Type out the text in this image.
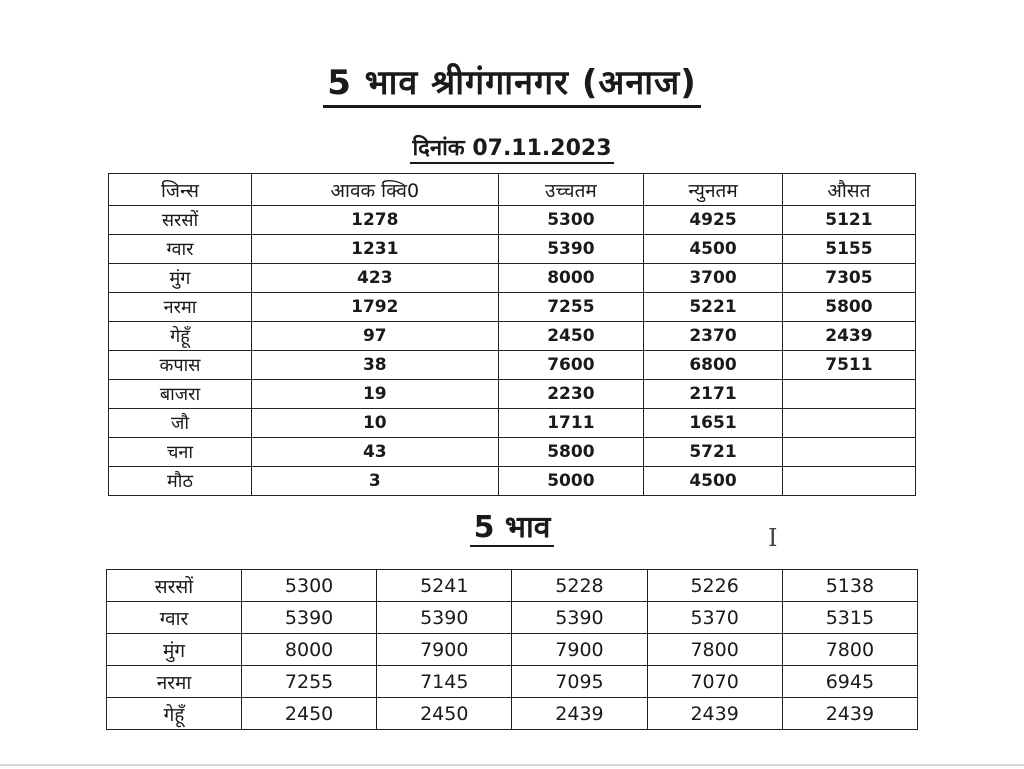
5 भाव श्रीगंगानगर (अनाज)
दिनांक 07.11.2023
जिन्स	आवक क्वि0	उच्चतम	न्युनतम	औसत
सरसों	1278	5300	4925	5121
ग्वार	1231	5390	4500	5155
मुंग	423	8000	3700	7305
नरमा	1792	7255	5221	5800
गेहूँ	97	2450	2370	2439
कपास	38	7600	6800	7511
बाजरा	19	2230	2171	
जौ	10	1711	1651	
चना	43	5800	5721	
मौठ	3	5000	4500	
5 भाव	I
सरसों	5300	5241	5228	5226	5138
ग्वार	5390	5390	5390	5370	5315
मुंग	8000	7900	7900	7800	7800
नरमा	7255	7145	7095	7070	6945
गेहूँ	2450	2450	2439	2439	2439
